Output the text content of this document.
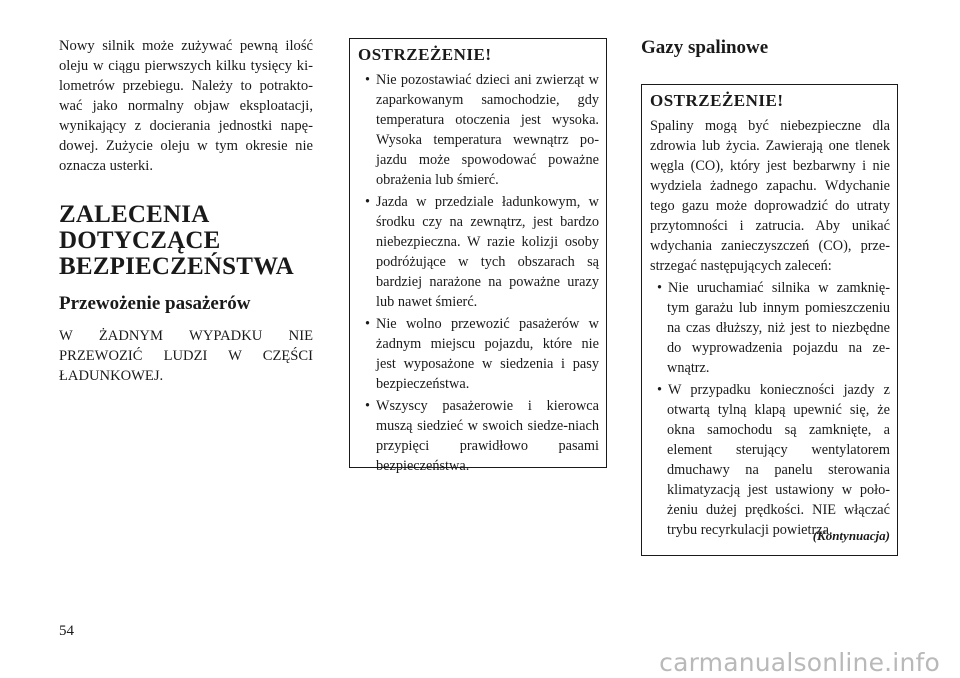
Nowy silnik może zużywać pewną ilość
oleju w ciągu pierwszych kilku tysięcy ki-
lometrów przebiegu. Należy to potrakto-
wać jako normalny objaw eksploatacji,
wynikający z docierania jednostki napę-
dowej. Zużycie oleju w tym okresie nie
oznacza usterki.

ZALECENIA
DOTYCZĄCE
BEZPIECZEŃSTWA
Przewożenie pasażerów
W ŻADNYM WYPADKU NIE
PRZEWOZIĆ LUDZI W CZĘŚCI
ŁADUNKOWEJ.
OSTRZEŻENIE!
• Nie pozostawiać dzieci ani zwierząt w zaparkowanym samochodzie, gdy temperatura otoczenia jest wysoka. Wysoka temperatura wewnątrz po-jazdu może spowodować poważne obrażenia lub śmierć.
• Jazda w przedziale ładunkowym, w środku czy na zewnątrz, jest bardzo niebezpieczna. W razie kolizji osoby podróżujące w tych obszarach są bardziej narażone na poważne urazy lub nawet śmierć.
• Nie wolno przewozić pasażerów w żadnym miejscu pojazdu, które nie jest wyposażone w siedzenia i pasy bezpieczeństwa.
• Wszyscy pasażerowie i kierowca muszą siedzieć w swoich siedze-niach przypięci prawidłowo pasami bezpieczeństwa.
Gazy spalinowe
OSTRZEŻENIE!

Spaliny mogą być niebezpieczne dla zdrowia lub życia. Zawierają one tlenek węgla (CO), który jest bezbarwny i nie wydziela żadnego zapachu. Wdychanie tego gazu może doprowadzić do utraty przytomności i zatrucia. Aby unikać wdychania zanieczyszczeń (CO), prze-strzegać następujących zaleceń:

• Nie uruchamiać silnika w zamknię-tym garażu lub innym pomieszczeniu na czas dłuższy, niż jest to niezbędne do wyprowadzenia pojazdu na ze-wnątrz.
• W przypadku konieczności jazdy z otwartą tylną klapą upewnić się, że okna samochodu są zamknięte, a element sterujący wentylatorem dmuchawy na panelu sterowania klimatyzacją jest ustawiony w poło-żeniu dużej prędkości. NIE włączać trybu recyrkulacji powietrza.
(Kontynuacja)
54
carmanualsonline.info
